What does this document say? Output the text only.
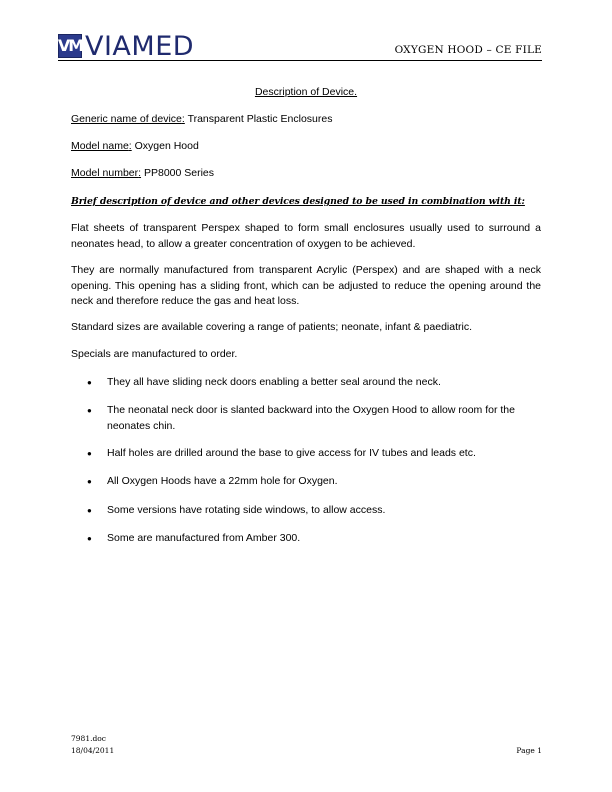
VM VIAMED	OXYGEN HOOD – CE FILE
Description of Device.
Generic name of device: Transparent Plastic Enclosures
Model name: Oxygen Hood
Model number: PP8000 Series
Brief description of device and other devices designed to be used in combination with it:
Flat sheets of transparent Perspex shaped to form small enclosures usually used to surround a neonates head, to allow a greater concentration of oxygen to be achieved.
They are normally manufactured from transparent Acrylic (Perspex) and are shaped with a neck opening. This opening has a sliding front, which can be adjusted to reduce the opening around the neck and therefore reduce the gas and heat loss.
Standard sizes are available covering a range of patients; neonate, infant & paediatric.
Specials are manufactured to order.
●	They all have sliding neck doors enabling a better seal around the neck.
●	The neonatal neck door is slanted backward into the Oxygen Hood to allow room for the neonates chin.
●	Half holes are drilled around the base to give access for IV tubes and leads etc.
●	All Oxygen Hoods have a 22mm hole for Oxygen.
●	Some versions have rotating side windows, to allow access.
●	Some are manufactured from Amber 300.
7981.doc
18/04/2011	Page 1
